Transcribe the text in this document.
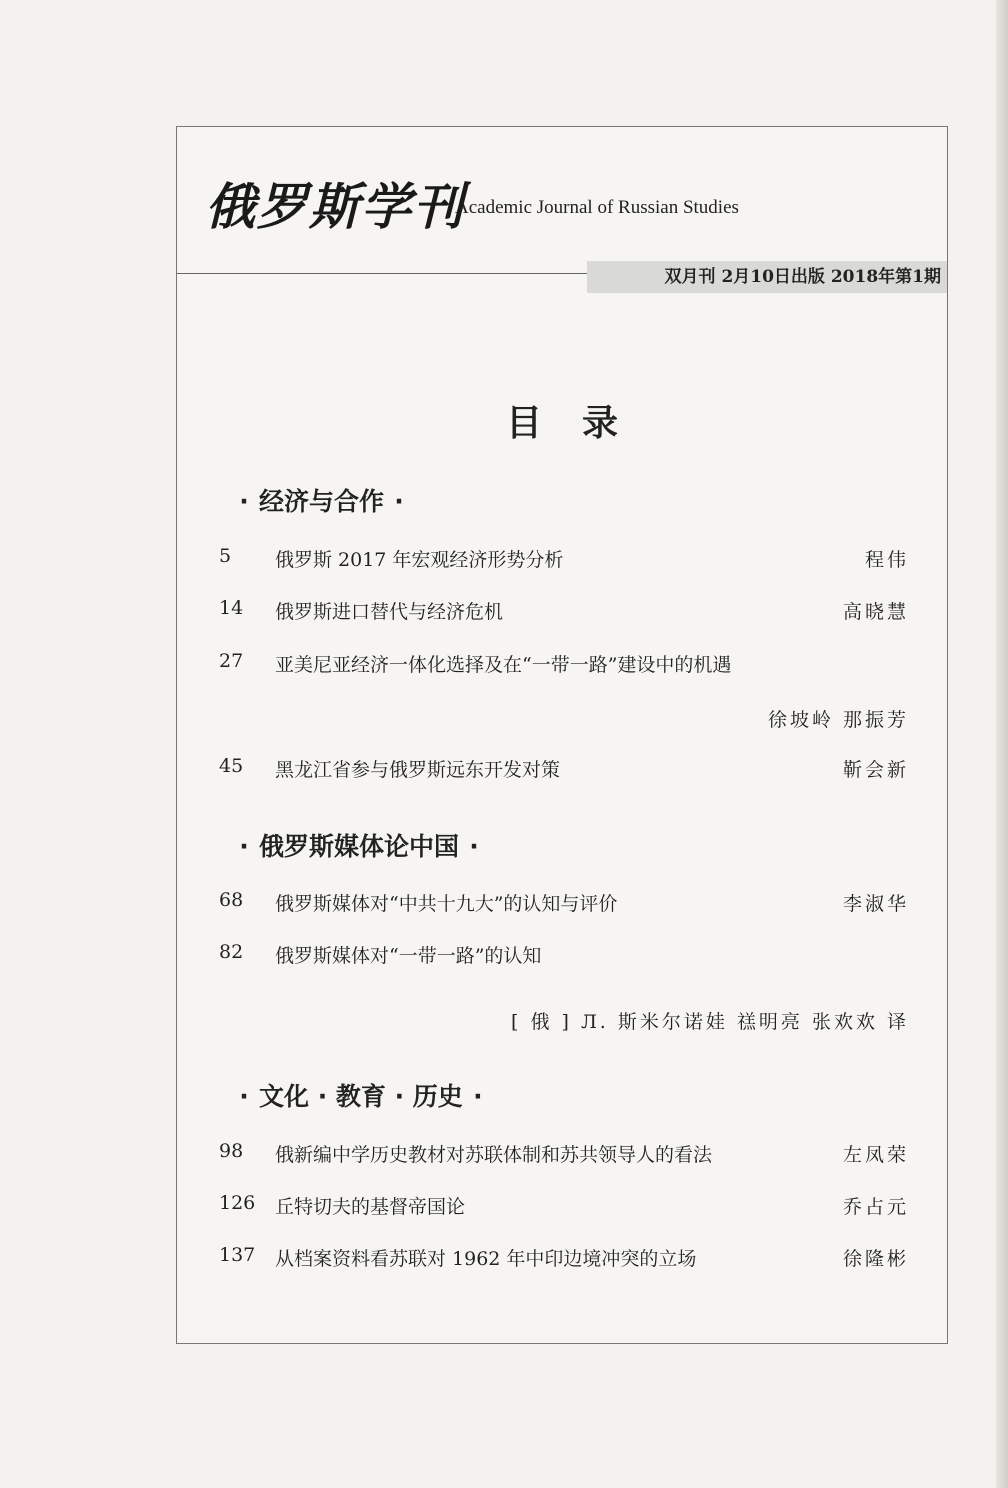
俄罗斯学刊
Academic Journal of Russian Studies
双月刊 2月10日出版 2018年第1期
目录
· 经济与合作 ·
5	俄罗斯 2017 年宏观经济形势分析	程伟
14	俄罗斯进口替代与经济危机	高晓慧
27	亚美尼亚经济一体化选择及在“一带一路”建设中的机遇
徐坡岭 那振芳
45	黑龙江省参与俄罗斯远东开发对策	靳会新
· 俄罗斯媒体论中国 ·
68	俄罗斯媒体对“中共十九大”的认知与评价	李淑华
82	俄罗斯媒体对“一带一路”的认知
[ 俄 ] Л. 斯米尔诺娃 禚明亮 张欢欢 译
· 文化 · 教育 · 历史 ·
98	俄新编中学历史教材对苏联体制和苏共领导人的看法	左凤荣
126	丘特切夫的基督帝国论	乔占元
137	从档案资料看苏联对 1962 年中印边境冲突的立场	徐隆彬
